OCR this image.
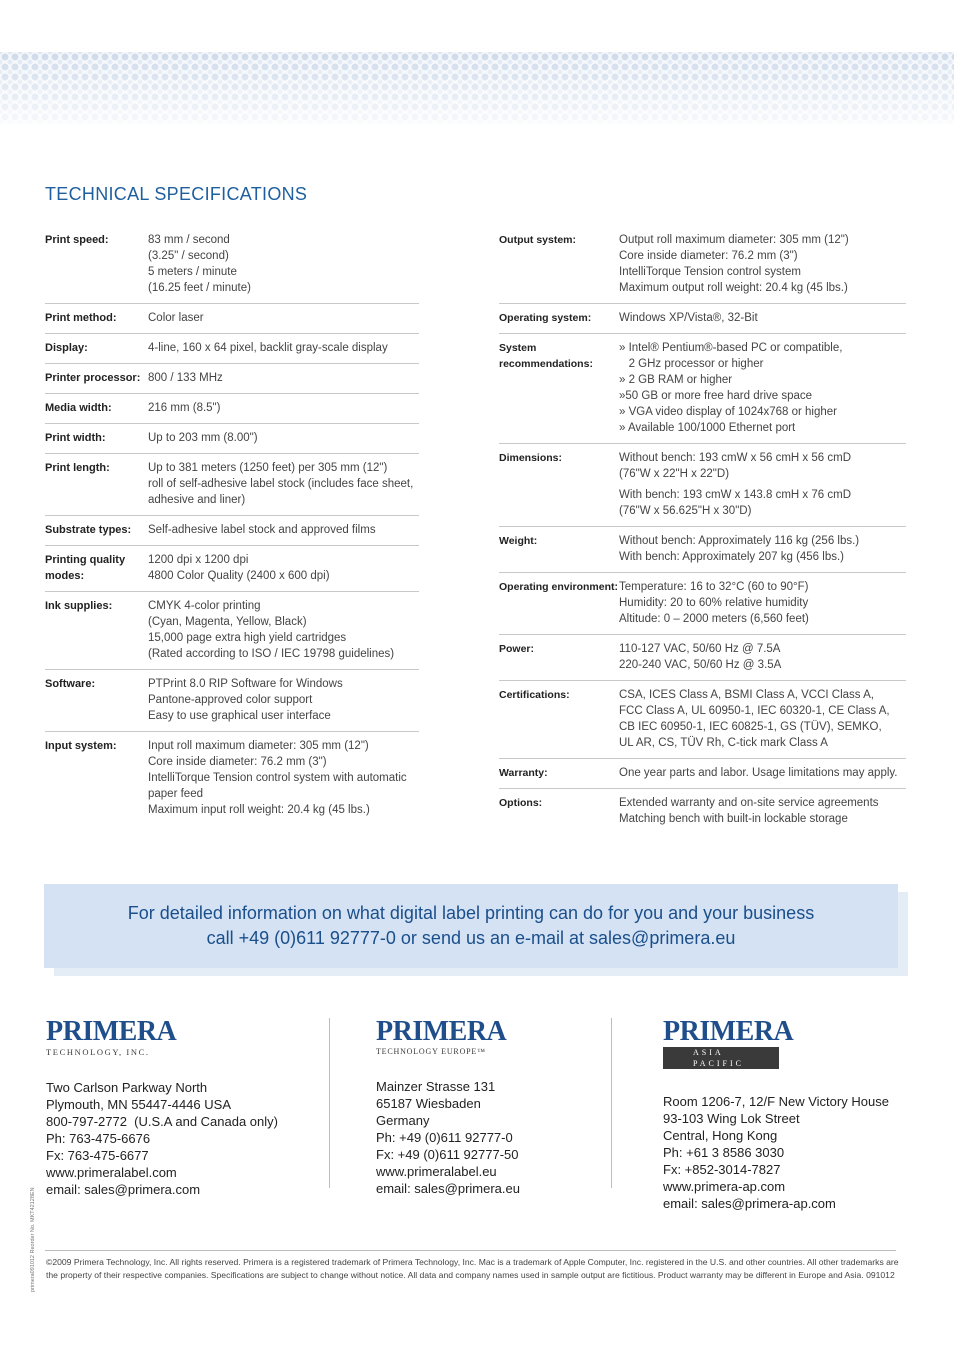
TECHNICAL SPECIFICATIONS
Print speed:	83 mm / second
(3.25" / second)
5 meters / minute
(16.25 feet / minute)
Print method:	Color laser
Display:	4-line, 160 x 64 pixel, backlit gray-scale display
Printer processor: 800 / 133 MHz
Media width:	216 mm (8.5")
Print width:	Up to 203 mm (8.00")
Print length:	Up to 381 meters (1250 feet) per 305 mm (12")
roll of self-adhesive label stock (includes face sheet,
adhesive and liner)
Substrate types:	Self-adhesive label stock and approved films
Printing quality modes:
1200 dpi x 1200 dpi
4800 Color Quality (2400 x 600 dpi)
Ink supplies:	CMYK 4-color printing
(Cyan, Magenta, Yellow, Black)
15,000 page extra high yield cartridges
(Rated according to ISO / IEC 19798 guidelines)
Software:	PTPrint 8.0 RIP Software for Windows
Pantone-approved color support
Easy to use graphical user interface
Input system:	Input roll maximum diameter: 305 mm (12")
Core inside diameter: 76.2 mm (3")
IntelliTorque Tension control system with automatic
paper feed
Maximum input roll weight: 20.4 kg (45 lbs.)
Output system:	Output roll maximum diameter: 305 mm (12")
Core inside diameter: 76.2 mm (3")
IntelliTorque Tension control system
Maximum output roll weight: 20.4 kg (45 lbs.)
Operating system:	Windows XP/Vista®, 32-Bit
System recommendations:
» Intel® Pentium®-based PC or compatible,
2 GHz processor or higher
» 2 GB RAM or higher
»50 GB or more free hard drive space
» VGA video display of 1024x768 or higher
» Available 100/1000 Ethernet port
Dimensions:	Without bench: 193 cmW x 56 cmH x 56 cmD
(76"W x 22"H x 22"D)
With bench: 193 cmW x 143.8 cmH x 76 cmD
(76"W x 56.625"H x 30"D)
Weight:	Without bench: Approximately 116 kg (256 lbs.)
With bench: Approximately 207 kg (456 lbs.)
Operating environment: Temperature: 16 to 32°C (60 to 90°F)
Humidity: 20 to 60% relative humidity
Altitude: 0 – 2000 meters (6,560 feet)
Power:	110-127 VAC, 50/60 Hz @ 7.5A
220-240 VAC, 50/60 Hz @ 3.5A
Certifications:	CSA, ICES Class A, BSMI Class A, VCCI Class A,
FCC Class A, UL 60950-1, IEC 60320-1, CE Class A,
CB IEC 60950-1, IEC 60825-1, GS (TÜV), SEMKO,
UL AR, CS, TÜV Rh, C-tick mark Class A
Warranty:	One year parts and labor. Usage limitations may apply.
Options:	Extended warranty and on-site service agreements
Matching bench with built-in lockable storage
For detailed information on what digital label printing can do for you and your business
call +49 (0)611 92777-0 or send us an e-mail at sales@primera.eu
PRIMERA
TECHNOLOGY, INC.
Two Carlson Parkway North
Plymouth, MN 55447-4446 USA
800-797-2772  (U.S.A and Canada only)
Ph: 763-475-6676
Fx: 763-475-6677
www.primeralabel.com
email: sales@primera.com
PRIMERA
TECHNOLOGY EUROPE™
Mainzer Strasse 131
65187 Wiesbaden
Germany
Ph: +49 (0)611 92777-0
Fx: +49 (0)611 92777-50
www.primeralabel.eu
email: sales@primera.eu
PRIMERA
ASIA PACIFIC
Room 1206-7, 12/F New Victory House
93-103 Wing Lok Street
Central, Hong Kong
Ph: +61 3 8586 3030
Fx: +852-3014-7827
www.primera-ap.com
email: sales@primera-ap.com
©2009 Primera Technology, Inc. All rights reserved. Primera is a registered trademark of Primera Technology, Inc. Mac is a trademark of Apple Computer, Inc. registered in the U.S. and other countries. All other trademarks are the property of their respective companies. Specifications are subject to change without notice. All data and company names used in sample output are fictitious. Product warranty may be different in Europe and Asia. 091012
primera091012 Reorder No. MKT42128EN
